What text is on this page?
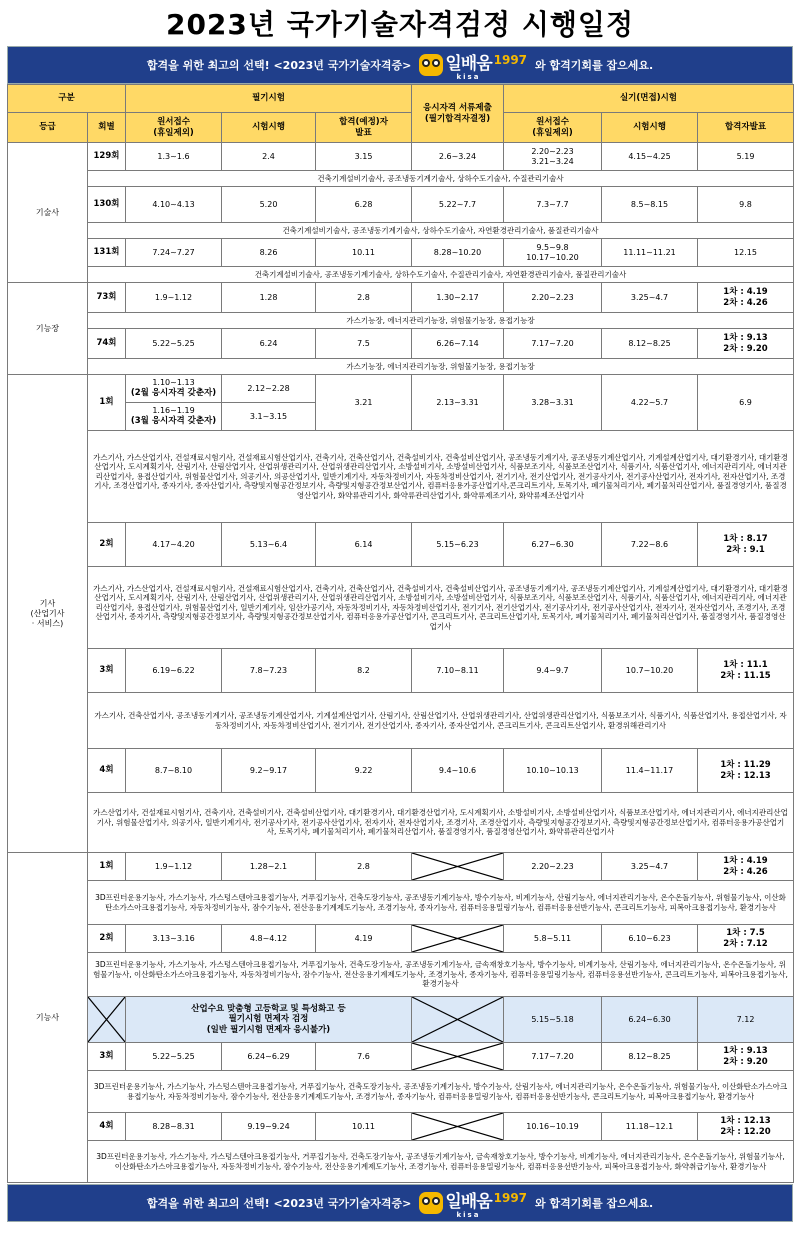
2023년 국가기술자격검정 시행일정
합격을 위한 최고의 선택! <2023년 국가기술자격증> 일배움
kisa
1997 와 합격기회를 잡으세요.
구분		필기시험			응시자격 서류제출
(필기합격자결정)	실기(면접)시험		
등급	회별	원서접수
(휴일제외)	시험시행	합격(예정)자
발표		원서접수
(휴일제외)	시험시행	합격자발표
기술사	129회	1.3~1.6	2.4	3.15	2.6~3.24	2.20~2.23
3.21~3.24	4.15~4.25	5.19
	건축기계설비기술사, 공조냉동기계기술사, 상하수도기술사, 수질관리기술사							
	130회	4.10~4.13	5.20	6.28	5.22~7.7	7.3~7.7	8.5~8.15	9.8
	건축기계설비기술사, 공조냉동기계기술사, 상하수도기술사, 자연환경관리기술사, 품질관리기술사							
	131회	7.24~7.27	8.26	10.11	8.28~10.20	9.5~9.8
10.17~10.20	11.11~11.21	12.15
	건축기계설비기술사, 공조냉동기계기술사, 상하수도기술사, 수질관리기술사, 자연환경관리기술사, 품질관리기술사							
기능장	73회	1.9~1.12	1.28	2.8	1.30~2.17	2.20~2.23	3.25~4.7	1차 : 4.19
2차 : 4.26
	가스기능장, 에너지관리기능장, 위험물기능장, 용접기능장							
	74회	5.22~5.25	6.24	7.5	6.26~7.14	7.17~7.20	8.12~8.25	1차 : 9.13
2차 : 9.20
	가스기능장, 에너지관리기능장, 위험물기능장, 용접기능장							
기사
(산업기사
· 서비스)	1회	1.10~1.13
(2월 응시자격 갖춘자)	2.12~2.28	3.21	2.13~3.31	3.28~3.31	4.22~5.7	6.9
		1.16~1.19
(3월 응시자격 갖춘자)	3.1~3.15					
	가스기사, 가스산업기사, 건설재료시험기사, 건설재료시험산업기사, 건축기사, 건축산업기사, 건축설비기사, 건축설비산업기사, 공조냉동기계기사, 공조냉동기계산업기사, 기계설계산업기사, 대기환경기사, 대기환경산업기사, 도시계획기사, 산림기사, 산림산업기사, 산업위생관리기사, 산업위생관리산업기사, 소방설비기사, 소방설비산업기사, 식품보조기사, 식품보조산업기사, 식품기사, 식품산업기사, 에너지관리기사, 에너지관리산업기사, 용접산업기사, 위험물산업기사, 의공기사, 의공산업기사, 일반기계기사, 자동차정비기사, 자동차정비산업기사, 전기기사, 전기산업기사, 전기공사기사, 전기공사산업기사, 전자기사, 전자산업기사, 조경기사, 조경산업기사, 종자기사, 종자산업기사, 측량및지형공간정보기사, 측량및지형공간정보산업기사, 컴퓨터응용가공산업기사,콘크리트기사, 토목기사, 폐기물처리기사, 폐기물처리산업기사, 품질경영기사, 품질경영산업기사, 화약류관리기사, 화약류관리산업기사, 화약류제조기사, 화약류제조산업기사							
	2회	4.17~4.20	5.13~6.4	6.14	5.15~6.23	6.27~6.30	7.22~8.6	1차 : 8.17
2차 : 9.1
	가스기사, 가스산업기사, 건설재료시험기사, 건설재료시험산업기사, 건축기사, 건축산업기사, 건축설비기사, 건축설비산업기사, 공조냉동기계기사, 공조냉동기계산업기사, 기계설계산업기사, 대기환경기사, 대기환경산업기사, 도시계획기사, 산림기사, 산림산업기사, 산업위생관리기사, 산업위생관리산업기사, 소방설비기사, 소방설비산업기사, 식품보조기사, 식품보조산업기사, 식품기사, 식품산업기사, 에너지관리기사, 에너지관리산업기사, 용접산업기사, 위험물산업기사, 일반기계기사, 임산가공기사, 자동차정비기사, 자동차정비산업기사, 전기기사, 전기산업기사, 전기공사기사, 전기공사산업기사, 전자기사, 전자산업기사, 조경기사, 조경산업기사, 종자기사, 측량및지형공간정보기사, 측량및지형공간정보산업기사, 컴퓨터응용가공산업기사, 콘크리트기사, 콘크리트산업기사, 토목기사, 폐기물처리기사, 폐기물처리산업기사, 품질경영기사, 품질경영산업기사							
	3회	6.19~6.22	7.8~7.23	8.2	7.10~8.11	9.4~9.7	10.7~10.20	1차 : 11.1
2차 : 11.15
	가스기사, 건축산업기사, 공조냉동기계기사, 공조냉동기계산업기사, 기계설계산업기사, 산림기사, 산림산업기사, 산업위생관리기사, 산업위생관리산업기사, 식품보조기사, 식품기사, 식품산업기사, 용접산업기사, 자동차정비기사, 자동차정비산업기사, 전기기사, 전기산업기사, 종자기사, 종자산업기사, 콘크리트기사, 콘크리트산업기사, 환경위해관리기사							
	4회	8.7~8.10	9.2~9.17	9.22	9.4~10.6	10.10~10.13	11.4~11.17	1차 : 11.29
2차 : 12.13
	가스산업기사, 건설재료시험기사, 건축기사, 건축설비기사, 건축설비산업기사, 대기환경기사, 대기환경산업기사, 도시계획기사, 소방설비기사, 소방설비산업기사, 식품보조산업기사, 에너지관리기사, 에너지관리산업기사, 위험물산업기사, 의공기사, 일반기계기사, 전기공사기사, 전기공사산업기사, 전자기사, 전자산업기사, 조경기사, 조경산업기사, 측량및지형공간정보기사, 측량및지형공간정보산업기사, 컴퓨터응용가공산업기사, 토목기사, 폐기물처리기사, 폐기물처리산업기사, 품질경영기사, 품질경영산업기사, 화약류관리산업기사							
기능사	1회	1.9~1.12	1.28~2.1	2.8		2.20~2.23	3.25~4.7	1차 : 4.19
2차 : 4.26
	3D프린터운용기능사, 가스기능사, 가스텅스텐아크용접기능사, 거푸집기능사, 건축도장기능사, 공조냉동기계기능사, 방수기능사, 비계기능사, 산림기능사, 에너지관리기능사, 온수온돌기능사, 위험물기능사, 이산화탄소가스아크용접기능사, 자동차정비기능사, 잠수기능사, 전산응용기계제도기능사, 조경기능사, 종자기능사, 컴퓨터응용밀링기능사, 컴퓨터응용선반기능사, 콘크리트기능사, 피복아크용접기능사, 환경기능사							
	2회	3.13~3.16	4.8~4.12	4.19		5.8~5.11	6.10~6.23	1차 : 7.5
2차 : 7.12
	3D프린터운용기능사, 가스기능사, 가스텅스텐아크용접기능사, 거푸집기능사, 건축도장기능사, 공조냉동기계기능사, 금속재창호기능사, 방수기능사, 비계기능사, 산림기능사, 에너지관리기능사, 온수온돌기능사, 위험물기능사, 이산화탄소가스아크용접기능사, 자동차정비기능사, 잠수기능사, 전산응용기계제도기능사, 조경기능사, 종자기능사, 컴퓨터응용밀링기능사, 컴퓨터응용선반기능사, 콘크리트기능사, 피복아크용접기능사, 환경기능사							

	산업수요 맞춤형 고등학교 및 특성화고 등
필기시험 면제자 검정
(일반 필기시험 면제자 응시불가)				5.15~5.18	6.24~6.30	7.12
	3회	5.22~5.25	6.24~6.29	7.6		7.17~7.20	8.12~8.25	1차 : 9.13
2차 : 9.20
	3D프린터운용기능사, 가스기능사, 가스텅스텐아크용접기능사, 거푸집기능사, 건축도장기능사, 공조냉동기계기능사, 방수기능사, 산림기능사, 에너지관리기능사, 온수온돌기능사, 위험물기능사, 이산화탄소가스아크용접기능사, 자동차정비기능사, 잠수기능사, 전산응용기계제도기능사, 조경기능사, 종자기능사, 컴퓨터응용밀링기능사, 컴퓨터응용선반기능사, 콘크리트기능사, 피복아크용접기능사, 환경기능사							
	4회	8.28~8.31	9.19~9.24	10.11		10.16~10.19	11.18~12.1	1차 : 12.13
2차 : 12.20
	3D프린터운용기능사, 가스기능사, 가스텅스텐아크용접기능사, 거푸집기능사, 건축도장기능사, 공조냉동기계기능사, 금속재창호기능사, 방수기능사, 비계기능사, 에너지관리기능사, 온수온돌기능사, 위험물기능사, 이산화탄소가스아크용접기능사, 자동차정비기능사, 잠수기능사, 전산응용기계제도기능사, 조경기능사, 컴퓨터응용밀링기능사, 컴퓨터응용선반기능사, 피복아크용접기능사, 화약취급기능사, 환경기능사							
합격을 위한 최고의 선택! <2023년 국가기술자격증> 일배움
kisa
1997 와 합격기회를 잡으세요.
